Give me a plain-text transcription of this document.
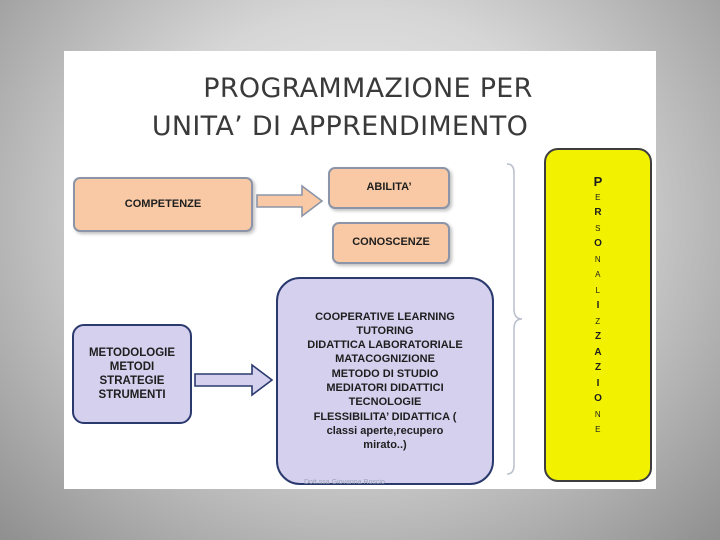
PROGRAMMAZIONE PER
UNITA’ DI APPRENDIMENTO
COMPETENZE
ABILITA’
CONOSCENZE
METODOLOGIE
METODI
STRATEGIE
STRUMENTI
COOPERATIVE LEARNING
TUTORING
DIDATTICA LABORATORIALE
MATACOGNIZIONE
METODO DI STUDIO
MEDIATORI DIDATTICI
TECNOLOGIE
FLESSIBILITA’ DIDATTICA (
classi aperte,recupero
mirato..)
P
E
R
S
O
N
A
L
I
Z
Z
A
Z
I
O
N
E
Dott.ssa Giovanna Roscio
